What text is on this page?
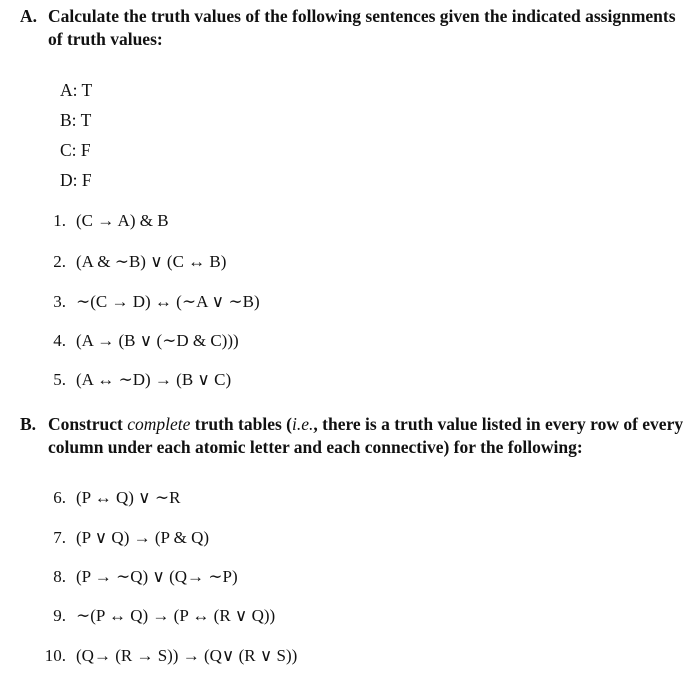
A. Calculate the truth values of the following sentences given the indicated assignments of truth values:
A: T
B: T
C: F
D: F
1. (C → A) & B
2. (A & ∼B) ∨ (C ↔ B)
3. ∼(C → D) ↔ (∼A ∨ ∼B)
4. (A → (B ∨ (∼D & C)))
5. (A ↔ ∼D) → (B ∨ C)
B. Construct complete truth tables (i.e., there is a truth value listed in every row of every column under each atomic letter and each connective) for the following:
6. (P ↔ Q) ∨ ∼R
7. (P ∨ Q) → (P & Q)
8. (P → ∼Q) ∨ (Q→ ∼P)
9. ∼(P ↔ Q) → (P ↔ (R ∨ Q))
10. (Q→ (R → S)) → (Q∨ (R ∨ S))
